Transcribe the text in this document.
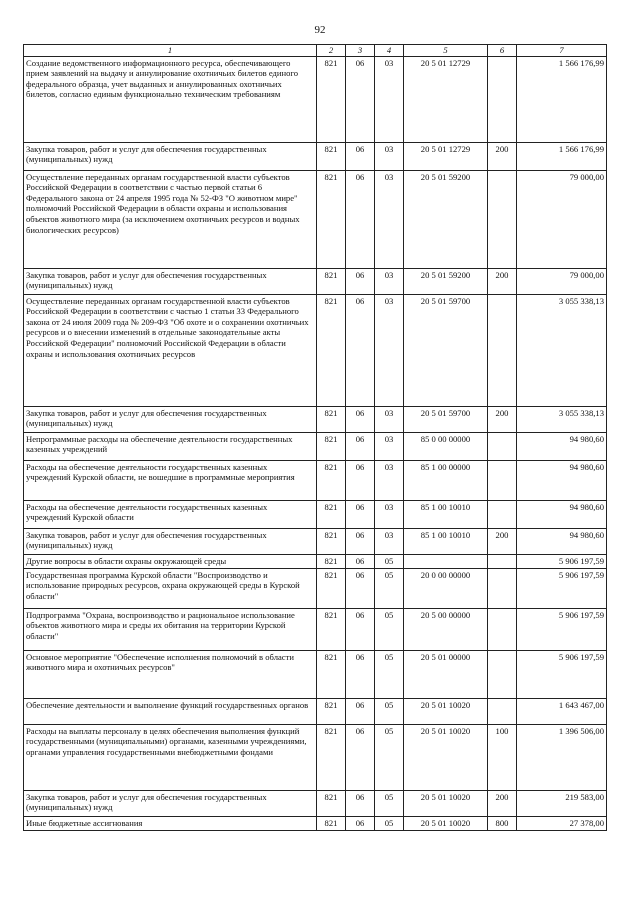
92
1	2	3	4	5	6	7
Создание ведомственного информационного ресурса, обеспечивающего прием заявлений на выдачу и аннулирование охотничьих билетов единого федерального образца, учет выданных и аннулированных охотничьих билетов, согласно единым функционально техническим требованиям	821	06	03	20 5 01 12729		1 566 176,99
Закупка товаров, работ и услуг для обеспечения государственных (муниципальных) нужд	821	06	03	20 5 01 12729	200	1 566 176,99
Осуществление переданных органам государственной власти субъектов Российской Федерации в соответствии с частью первой статьи 6 Федерального закона от 24 апреля 1995 года № 52-ФЗ "О животном мире" полномочий Российской Федерации в области охраны и использования объектов животного мира (за исключением охотничьих ресурсов и водных биологических ресурсов)	821	06	03	20 5 01 59200		79 000,00
Закупка товаров, работ и услуг для обеспечения государственных (муниципальных) нужд	821	06	03	20 5 01 59200	200	79 000,00
Осуществление переданных органам государственной власти субъектов Российской Федерации в соответствии с частью 1 статьи 33 Федерального закона от 24 июля 2009 года № 209-ФЗ "Об охоте и о сохранении охотничьих ресурсов и о внесении изменений в отдельные законодательные акты Российской Федерации" полномочий Российской Федерации в области охраны и использования охотничьих ресурсов	821	06	03	20 5 01 59700		3 055 338,13
Закупка товаров, работ и услуг для обеспечения государственных (муниципальных) нужд	821	06	03	20 5 01 59700	200	3 055 338,13
Непрограммные расходы на обеспечение деятельности государственных казенных учреждений	821	06	03	85 0 00 00000		94 980,60
Расходы на обеспечение деятельности государственных казенных учреждений Курской области, не вошедшие в программные мероприятия	821	06	03	85 1 00 00000		94 980,60
Расходы на обеспечение деятельности государственных казенных учреждений Курской области	821	06	03	85 1 00 10010		94 980,60
Закупка товаров, работ и услуг для обеспечения государственных (муниципальных) нужд	821	06	03	85 1 00 10010	200	94 980,60
Другие вопросы в области охраны окружающей среды	821	06	05			5 906 197,59
Государственная программа Курской области "Воспроизводство и использование природных ресурсов, охрана окружающей среды в Курской области"	821	06	05	20 0 00 00000		5 906 197,59
Подпрограмма "Охрана, воспроизводство и рациональное использование объектов животного мира и среды их обитания на территории Курской области"	821	06	05	20 5 00 00000		5 906 197,59
Основное мероприятие "Обеспечение исполнения полномочий в области животного мира и охотничьих ресурсов"	821	06	05	20 5 01 00000		5 906 197,59
Обеспечение деятельности и выполнение функций государственных органов	821	06	05	20 5 01 10020		1 643 467,00
Расходы на выплаты персоналу в целях обеспечения выполнения функций государственными (муниципальными) органами, казенными учреждениями, органами управления государственными внебюджетными фондами	821	06	05	20 5 01 10020	100	1 396 506,00
Закупка товаров, работ и услуг для обеспечения государственных (муниципальных) нужд	821	06	05	20 5 01 10020	200	219 583,00
Иные бюджетные ассигнования	821	06	05	20 5 01 10020	800	27 378,00
